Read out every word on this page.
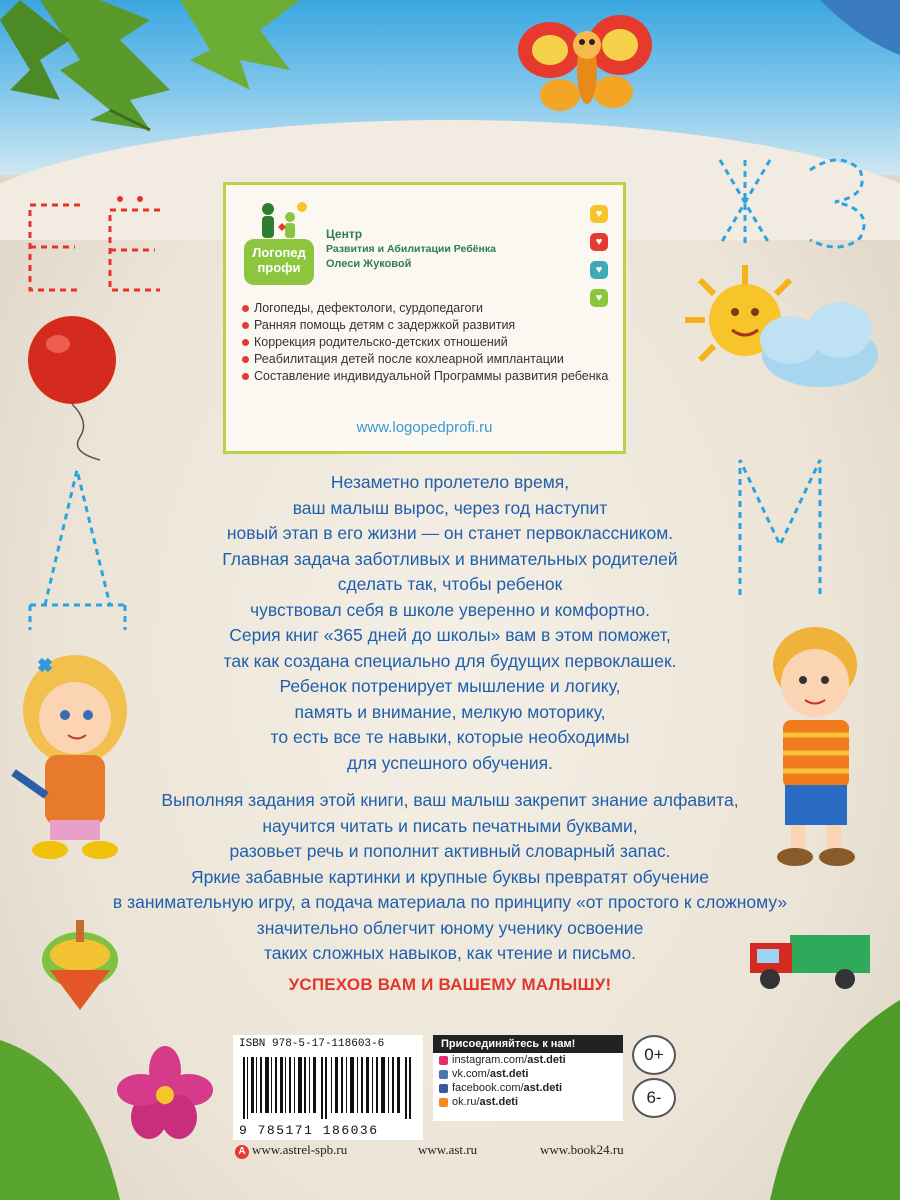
Логопед профи
Центр
Развития и Абилитации Ребёнка
Олеси Жуковой
♥
♥
♥
♥
Логопеды, дефектологи, сурдопедагоги
Ранняя помощь детям с задержкой развития
Коррекция родительско-детских отношений
Реабилитация детей после кохлеарной имплантации
Составление индивидуальной Программы развития ребенка
www.logopedprofi.ru
Незаметно пролетело время,
ваш малыш вырос, через год наступит
новый этап в его жизни — он станет первоклассником.
Главная задача заботливых и внимательных родителей
сделать так, чтобы ребенок
чувствовал себя в школе уверенно и комфортно.
Серия книг «365 дней до школы» вам в этом поможет,
так как создана специально для будущих первоклашек.
Ребенок потренирует мышление и логику,
память и внимание, мелкую моторику,
то есть все те навыки, которые необходимы
для успешного обучения.
Выполняя задания этой книги, ваш малыш закрепит знание алфавита,
научится читать и писать печатными буквами,
разовьет речь и пополнит активный словарный запас.
Яркие забавные картинки и крупные буквы превратят обучение
в занимательную игру, а подача материала по принципу «от простого к сложному»
значительно облегчит юному ученику освоение
таких сложных навыков, как чтение и письмо.
УСПЕХОВ ВАМ И ВАШЕМУ МАЛЫШУ!
ISBN 978-5-17-118603-6
9 785171 186036
Присоединяйтесь к нам!
instagram.com/ ast.deti
vk.com/ ast.deti
facebook.com/ ast.deti
ok.ru/ ast.deti
0+
6-
А www.astrel-spb.ru	www.ast.ru	www.book24.ru
